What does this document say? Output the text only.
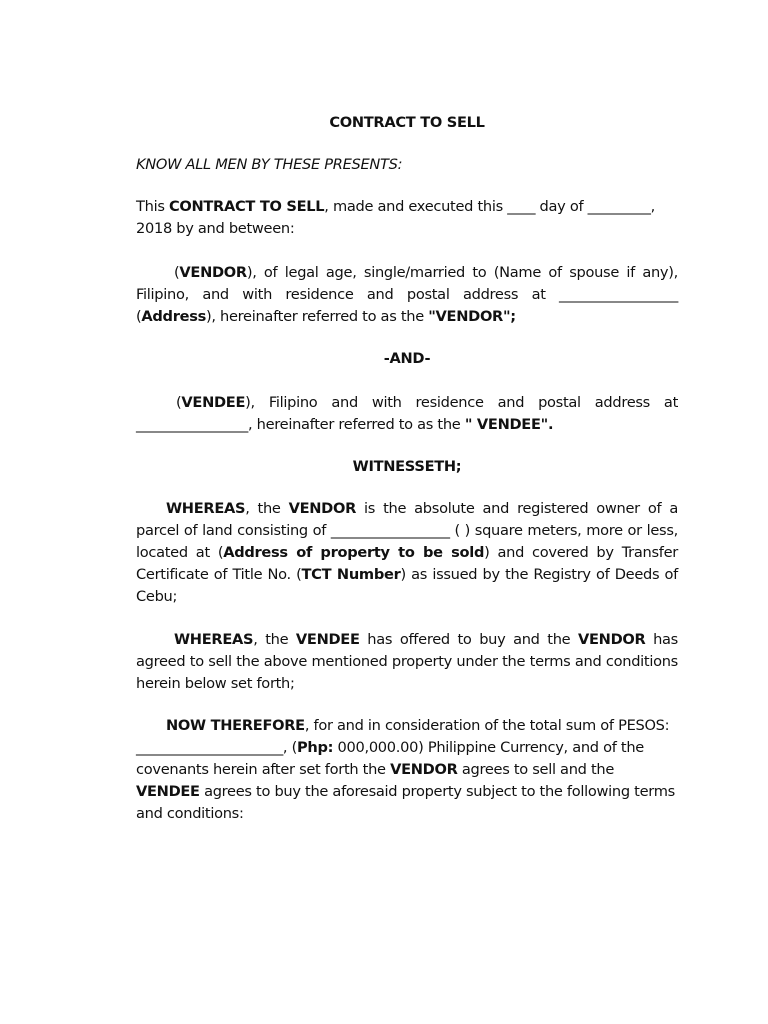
CONTRACT TO SELL

KNOW ALL MEN BY THESE PRESENTS:

This CONTRACT TO SELL, made and executed this ____ day of _________, 2018 by and between:

(VENDOR), of legal age, single/married to (Name of spouse if any), Filipino, and with residence and postal address at _________________ (Address), hereinafter referred to as the "VENDOR";

-AND-

(VENDEE), Filipino and with residence and postal address at ________________, hereinafter referred to as the " VENDEE".

WITNESSETH;

WHEREAS, the VENDOR is the absolute and registered owner of a parcel of land consisting of _________________ ( ) square meters, more or less, located at (Address of property to be sold) and covered by Transfer Certificate of Title No. (TCT Number) as issued by the Registry of Deeds of Cebu;

WHEREAS, the VENDEE has offered to buy and the VENDOR has agreed to sell the above mentioned property under the terms and conditions herein below set forth;

NOW THEREFORE, for and in consideration of the total sum of PESOS: _____________________, (Php: 000,000.00) Philippine Currency, and of the covenants herein after set forth the VENDOR agrees to sell and the VENDEE agrees to buy the aforesaid property subject to the following terms and conditions:
